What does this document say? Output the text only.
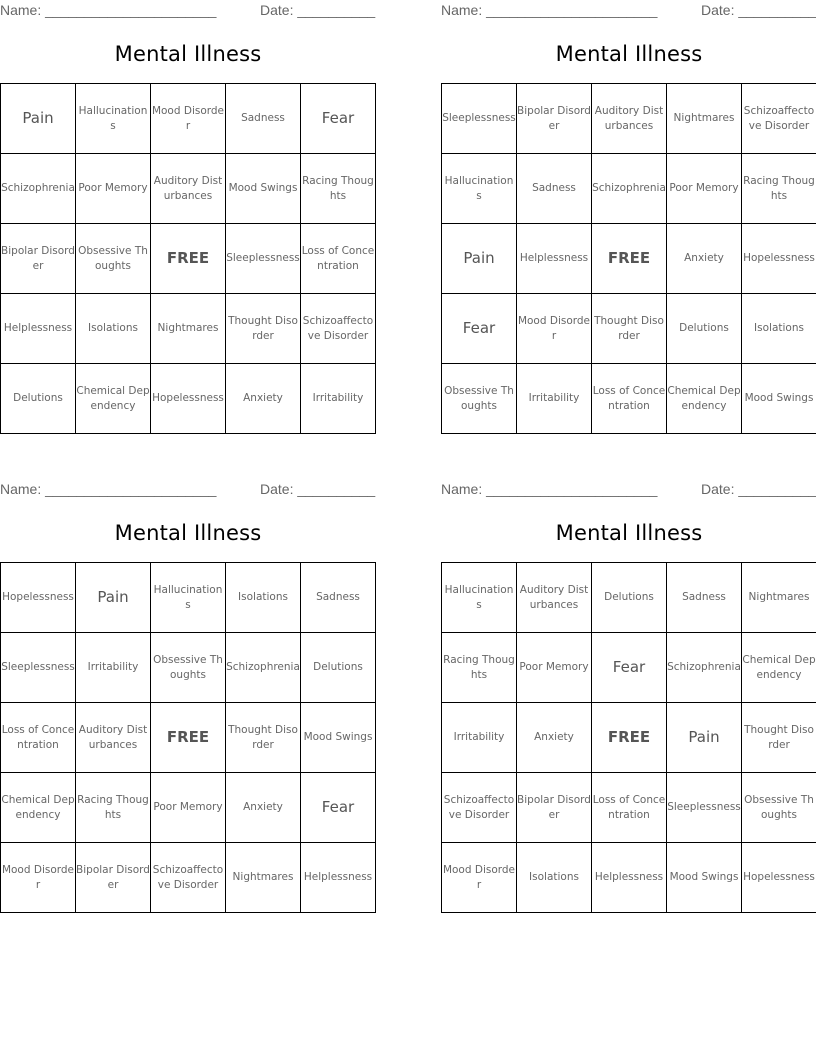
Name: ______________________	Date: __________
Mental Illness
Pain	Hallucinations	Mood Disorder	Sadness	Fear
Schizophrenia	Poor Memory	Auditory Disturbances	Mood Swings	Racing Thoughts
Bipolar Disorder	Obsessive Thoughts	FREE	Sleeplessness	Loss of Concentration
Helplessness	Isolations	Nightmares	Thought Disorder	Schizoaffecto ve Disorder
Delutions	Chemical Dependency	Hopelessness	Anxiety	Irritability
Name: ______________________	Date: __________
Mental Illness
Sleeplessness	Bipolar Disorder	Auditory Disturbances	Nightmares	Schizoaffecto ve Disorder
Hallucinations	Sadness	Schizophrenia	Poor Memory	Racing Thoughts
Pain	Helplessness	FREE	Anxiety	Hopelessness
Fear	Mood Disorder	Thought Disorder	Delutions	Isolations
Obsessive Thoughts	Irritability	Loss of Concentration	Chemical Dependency	Mood Swings
Name: ______________________	Date: __________
Mental Illness
Hopelessness	Pain	Hallucinations	Isolations	Sadness
Sleeplessness	Irritability	Obsessive Thoughts	Schizophrenia	Delutions
Loss of Concentration	Auditory Disturbances	FREE	Thought Disorder	Mood Swings
Chemical Dependency	Racing Thoughts	Poor Memory	Anxiety	Fear
Mood Disorder	Bipolar Disorder	Schizoaffecto ve Disorder	Nightmares	Helplessness
Name: ______________________	Date: __________
Mental Illness
Hallucinations	Auditory Disturbances	Delutions	Sadness	Nightmares
Racing Thoughts	Poor Memory	Fear	Schizophrenia	Chemical Dependency
Irritability	Anxiety	FREE	Pain	Thought Disorder
Schizoaffecto ve Disorder	Bipolar Disorder	Loss of Concentration	Sleeplessness	Obsessive Thoughts
Mood Disorder	Isolations	Helplessness	Mood Swings	Hopelessness
